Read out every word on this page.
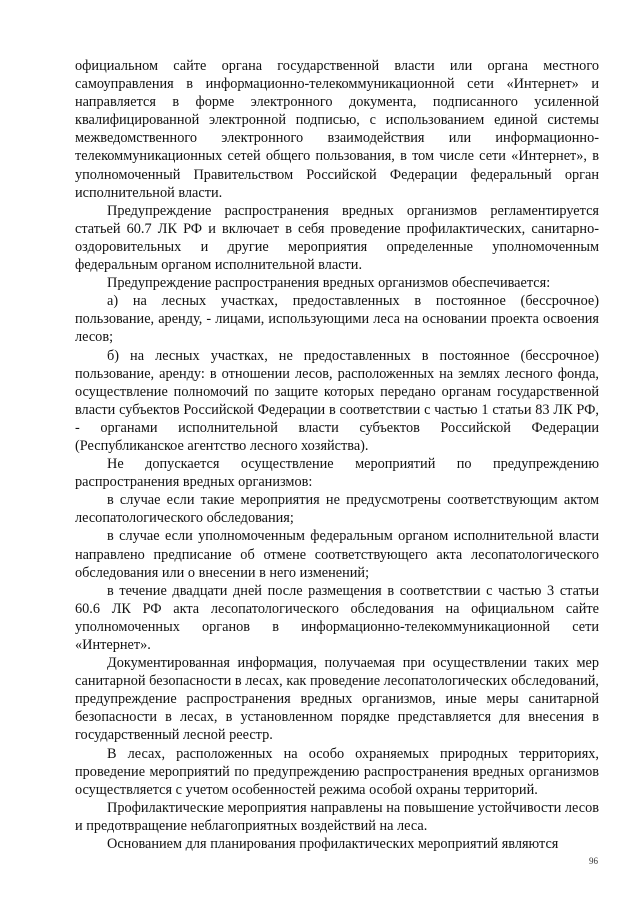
официальном сайте органа государственной власти или органа местного самоуправления в информационно-телекоммуникационной сети «Интернет» и направляется в форме электронного документа, подписанного усиленной квалифицированной электронной подписью, с использованием единой системы межведомственного электронного взаимодействия или информационно-телекоммуникационных сетей общего пользования, в том числе сети «Интернет», в уполномоченный Правительством Российской Федерации федеральный орган исполнительной власти.

Предупреждение распространения вредных организмов регламентируется статьей 60.7 ЛК РФ и включает в себя проведение профилактических, санитарно-оздоровительных и другие мероприятия определенные уполномоченным федеральным органом исполнительной власти.

Предупреждение распространения вредных организмов обеспечивается:

а) на лесных участках, предоставленных в постоянное (бессрочное) пользование, аренду, - лицами, использующими леса на основании проекта освоения лесов;

б) на лесных участках, не предоставленных в постоянное (бессрочное) пользование, аренду: в отношении лесов, расположенных на землях лесного фонда, осуществление полномочий по защите которых передано органам государственной власти субъектов Российской Федерации в соответствии с частью 1 статьи 83 ЛК РФ, - органами исполнительной власти субъектов Российской Федерации (Республиканское агентство лесного хозяйства).

Не допускается осуществление мероприятий по предупреждению распространения вредных организмов:

в случае если такие мероприятия не предусмотрены соответствующим актом лесопатологического обследования;

в случае если уполномоченным федеральным органом исполнительной власти направлено предписание об отмене соответствующего акта лесопатологического обследования или о внесении в него изменений;

в течение двадцати дней после размещения в соответствии с частью 3 статьи 60.6 ЛК РФ акта лесопатологического обследования на официальном сайте уполномоченных органов в информационно-телекоммуникационной сети «Интернет».

Документированная информация, получаемая при осуществлении таких мер санитарной безопасности в лесах, как проведение лесопатологических обследований, предупреждение распространения вредных организмов, иные меры санитарной безопасности в лесах, в установленном порядке представляется для внесения в государственный лесной реестр.

В лесах, расположенных на особо охраняемых природных территориях, проведение мероприятий по предупреждению распространения вредных организмов осуществляется с учетом особенностей режима особой охраны территорий.

Профилактические мероприятия направлены на повышение устойчивости лесов и предотвращение неблагоприятных воздействий на леса.

Основанием для планирования профилактических мероприятий являются

96
